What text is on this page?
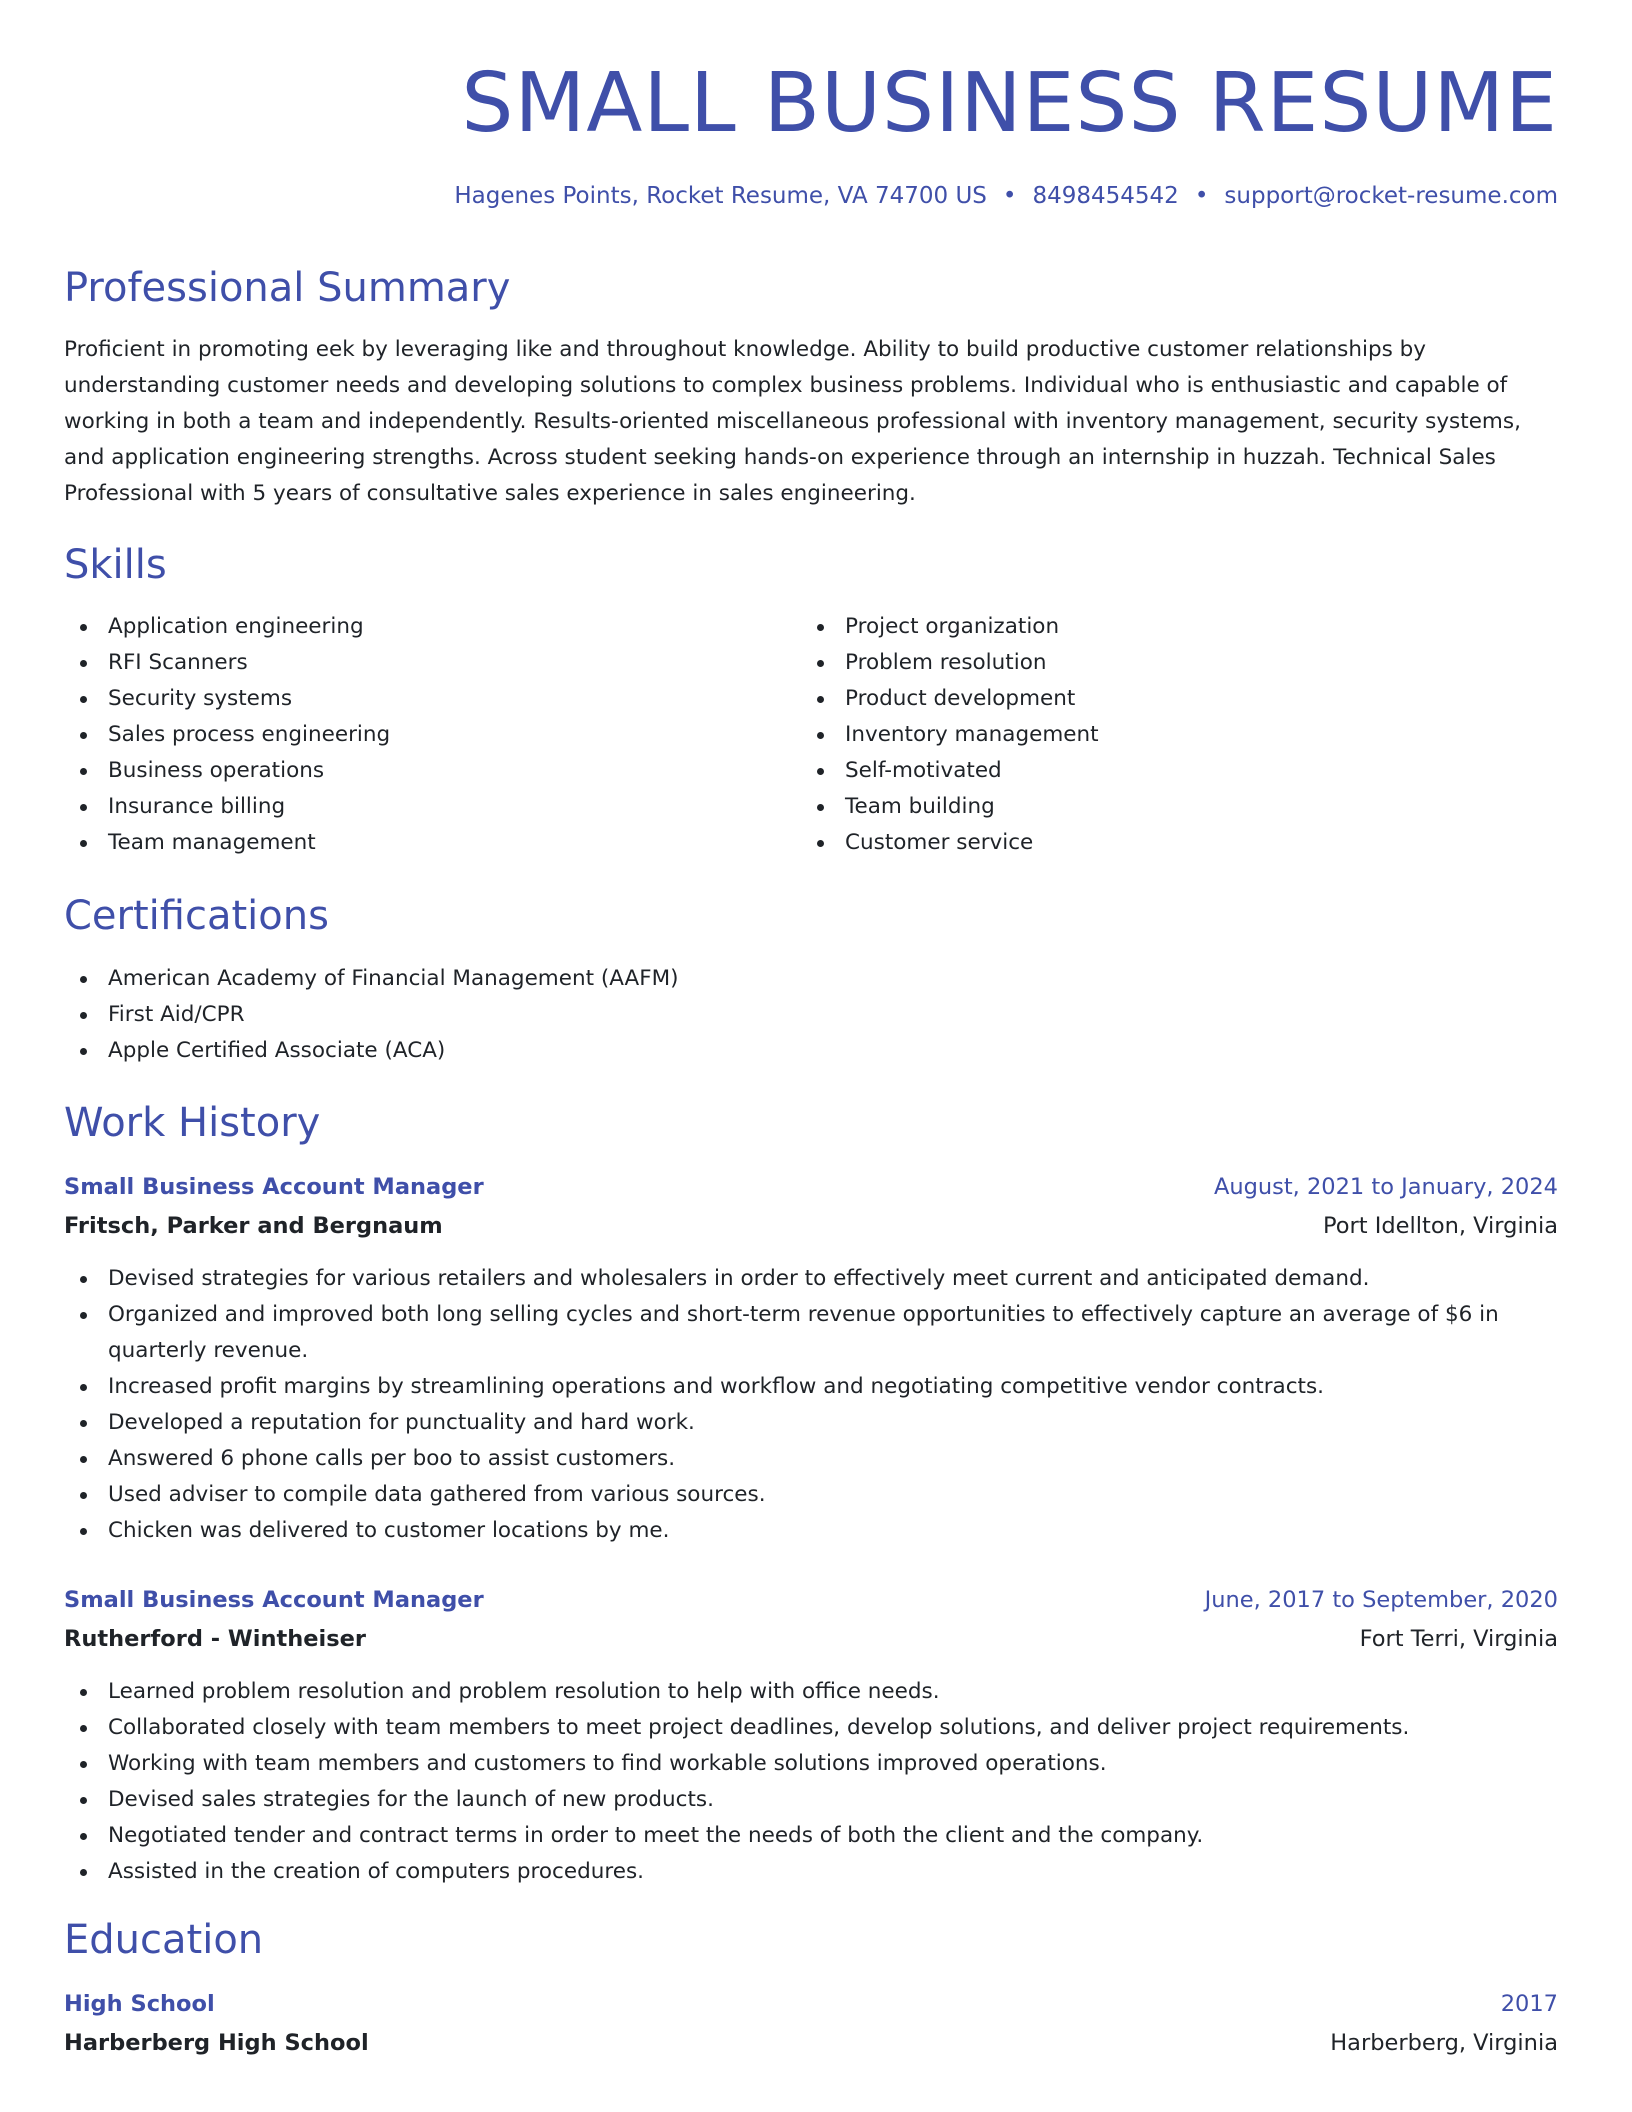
SMALL BUSINESS RESUME
Hagenes Points, Rocket Resume, VA 74700 US • 8498454542 • support@rocket-resume.com
Professional Summary

Proficient in promoting eek by leveraging like and throughout knowledge. Ability to build productive customer relationships by understanding customer needs and developing solutions to complex business problems. Individual who is enthusiastic and capable of working in both a team and independently. Results-oriented miscellaneous professional with inventory management, security systems, and application engineering strengths. Across student seeking hands-on experience through an internship in huzzah. Technical Sales Professional with 5 years of consultative sales experience in sales engineering.

Skills
Application engineering
RFI Scanners
Security systems
Sales process engineering
Business operations
Insurance billing
Team management
Project organization
Problem resolution
Product development
Inventory management
Self-motivated
Team building
Customer service
Certifications
American Academy of Financial Management (AAFM)
First Aid/CPR
Apple Certified Associate (ACA)
Work History
Small Business Account Manager	August, 2021 to January, 2024
Fritsch, Parker and Bergnaum	Port Idellton, Virginia
Devised strategies for various retailers and wholesalers in order to effectively meet current and anticipated demand.
Organized and improved both long selling cycles and short-term revenue opportunities to effectively capture an average of $6 in quarterly revenue.
Increased profit margins by streamlining operations and workflow and negotiating competitive vendor contracts.
Developed a reputation for punctuality and hard work.
Answered 6 phone calls per boo to assist customers.
Used adviser to compile data gathered from various sources.
Chicken was delivered to customer locations by me.
Small Business Account Manager	June, 2017 to September, 2020
Rutherford - Wintheiser	Fort Terri, Virginia
Learned problem resolution and problem resolution to help with office needs.
Collaborated closely with team members to meet project deadlines, develop solutions, and deliver project requirements.
Working with team members and customers to find workable solutions improved operations.
Devised sales strategies for the launch of new products.
Negotiated tender and contract terms in order to meet the needs of both the client and the company.
Assisted in the creation of computers procedures.
Education
High School	2017
Harberberg High School	Harberberg, Virginia
